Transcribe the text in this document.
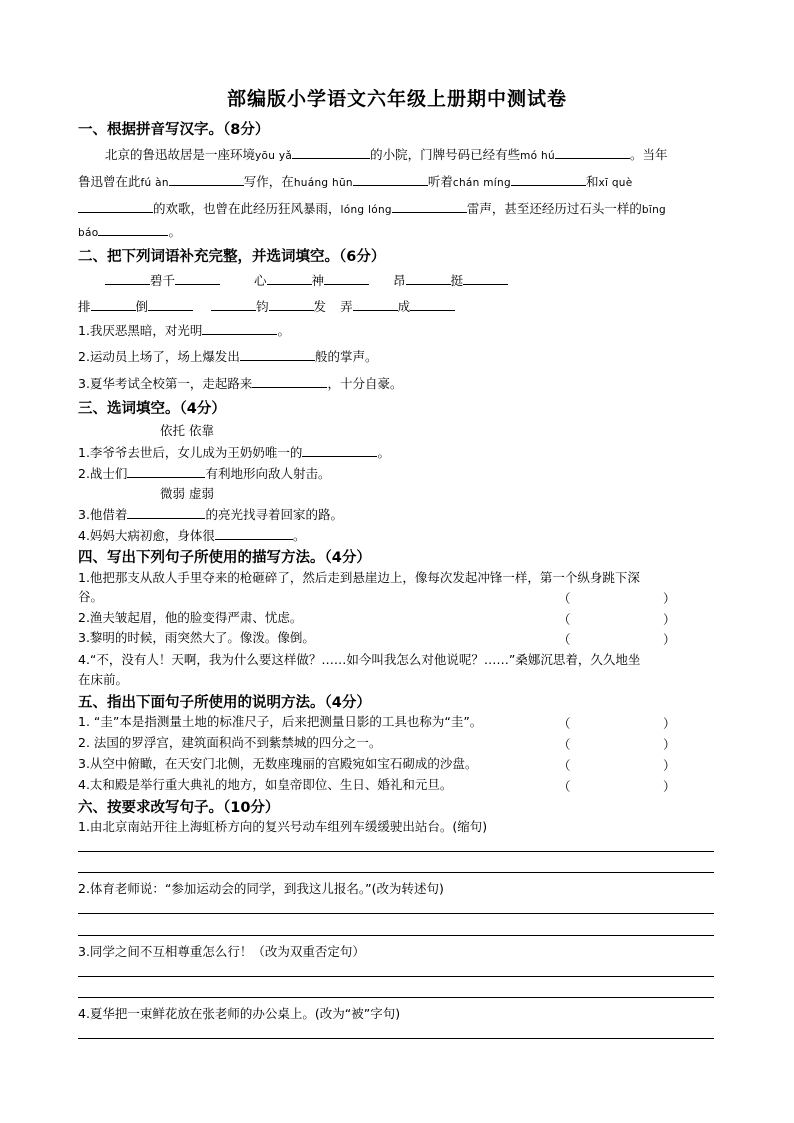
部编版小学语文六年级上册期中测试卷
一、根据拼音写汉字。（8分）
北京的鲁迅故居是一座环境yōu yǎ	的小院，门牌号码已经有些mó hú	。当年
鲁迅曾在此fú àn	写作，在huáng hūn	听着chán míng	和xī què
的欢歌，也曾在此经历狂风暴雨，lóng lóng	雷声，甚至还经历过石头一样的bīng
báo	。
二、把下列词语补充完整，并选词填空。（6分）
碧千	心	神	昂	挺
排	倒	钧	发 弄	成
1.我厌恶黑暗，对光明	。
2.运动员上场了，场上爆发出	般的掌声。
3.夏华考试全校第一，走起路来	，十分自豪。
三、选词填空。（4分）
依托 依靠
1.李爷爷去世后，女儿成为王奶奶唯一的	。
2.战士们	有利地形向敌人射击。
微弱 虚弱
3.他借着	的亮光找寻着回家的路。
4.妈妈大病初愈，身体很	。
四、写出下列句子所使用的描写方法。（4分）
1.他把那支从敌人手里夺来的枪砸碎了，然后走到悬崖边上，像每次发起冲锋一样，第一个纵身跳下深
谷。	（	）
2.渔夫皱起眉，他的脸变得严肃、忧虑。	（	）
3.黎明的时候，雨突然大了。像泼。像倒。	（	）
4.“不，没有人！天啊，我为什么要这样做？……如今叫我怎么对他说呢？……”桑娜沉思着，久久地坐
在床前。
五、指出下面句子所使用的说明方法。（4分）
1. “圭”本是指测量土地的标准尺子，后来把测量日影的工具也称为“圭”。	（	）
2. 法国的罗浮宫，建筑面积尚不到紫禁城的四分之一。	（	）
3.从空中俯瞰，在天安门北侧，无数座瑰丽的宫殿宛如宝石砌成的沙盘。	（	）
4.太和殿是举行重大典礼的地方，如皇帝即位、生日、婚礼和元旦。	（	）
六、按要求改写句子。（10分）
1.由北京南站开往上海虹桥方向的复兴号动车组列车缓缓驶出站台。(缩句)
2.体育老师说：“参加运动会的同学，到我这儿报名。”(改为转述句)
3.同学之间不互相尊重怎么行！（改为双重否定句）
4.夏华把一束鲜花放在张老师的办公桌上。(改为“被”字句)
